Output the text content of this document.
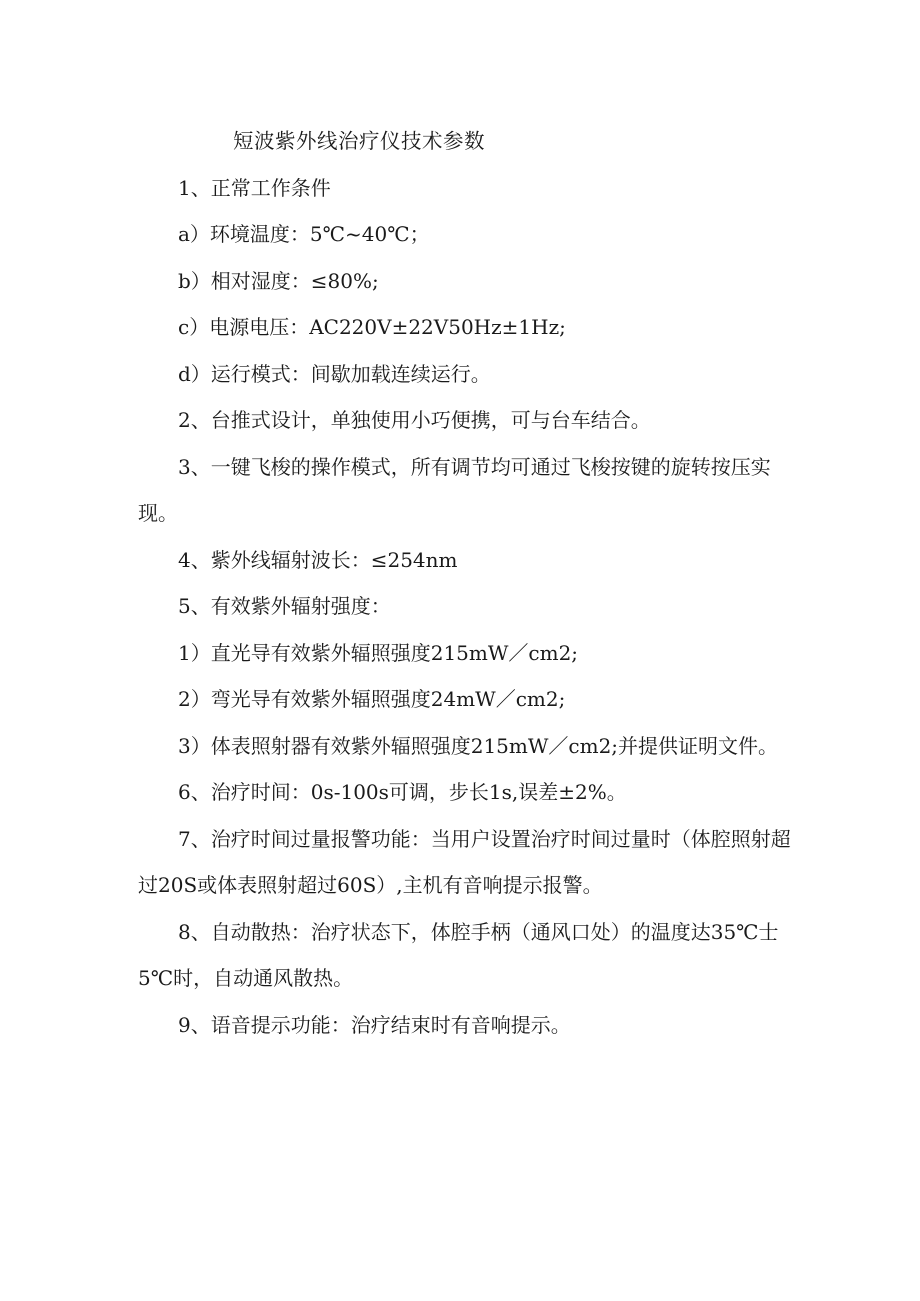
短波紫外线治疗仪技术参数

1、正常工作条件

a）环境温度：5℃~40℃；

b）相对湿度：≤80%;

c）电源电压：AC220V±22V50Hz±1Hz;

d）运行模式：间歇加载连续运行。

2、台推式设计，单独使用小巧便携，可与台车结合。

3、一键飞梭的操作模式，所有调节均可通过飞梭按键的旋转按压实现。

4、紫外线辐射波长：≤254nm

5、有效紫外辐射强度：

1）直光导有效紫外辐照强度215mW／cm2;

2）弯光导有效紫外辐照强度24mW／cm2;

3）体表照射器有效紫外辐照强度215mW／cm2;并提供证明文件。

6、治疗时间：0s-100s可调，步长1s,误差±2%。

7、治疗时间过量报警功能：当用户设置治疗时间过量时（体腔照射超过20S或体表照射超过60S）,主机有音响提示报警。

8、自动散热：治疗状态下，体腔手柄（通风口处）的温度达35℃士5℃时，自动通风散热。

9、语音提示功能：治疗结束时有音响提示。
